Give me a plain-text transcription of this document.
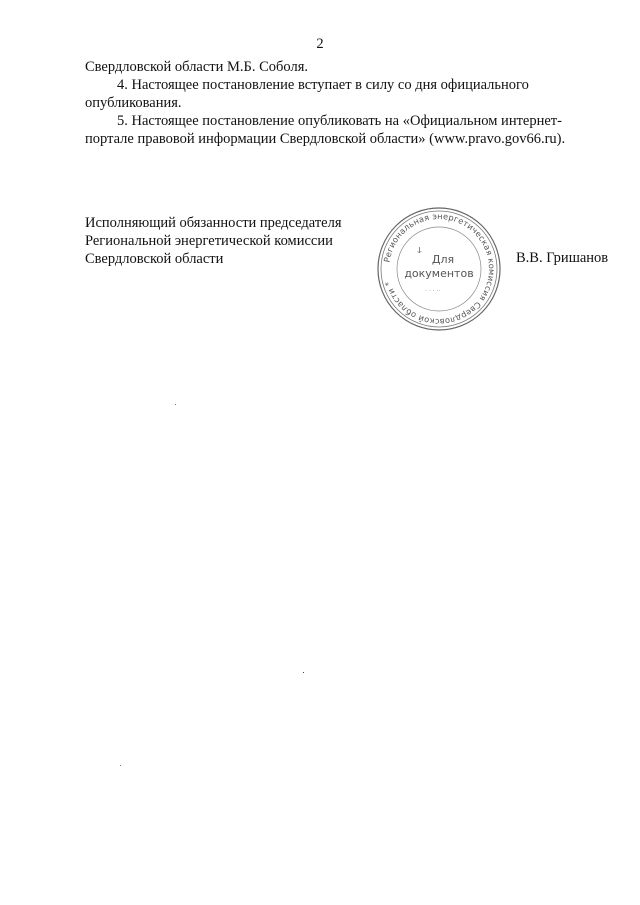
2

Свердловской области М.Б. Соболя.

4. Настоящее постановление вступает в силу со дня официального

опубликования.

5. Настоящее постановление опубликовать на «Официальном интернет-

портале правовой информации Свердловской области» (www.pravo.gov66.ru).

Исполняющий обязанности председателя
Региональной энергетической комиссии
Свердловской области	Региональная энергетическая комиссия Свердловской области *
Для
документов
ↆ
. . . ..
В.В. Гришанов
